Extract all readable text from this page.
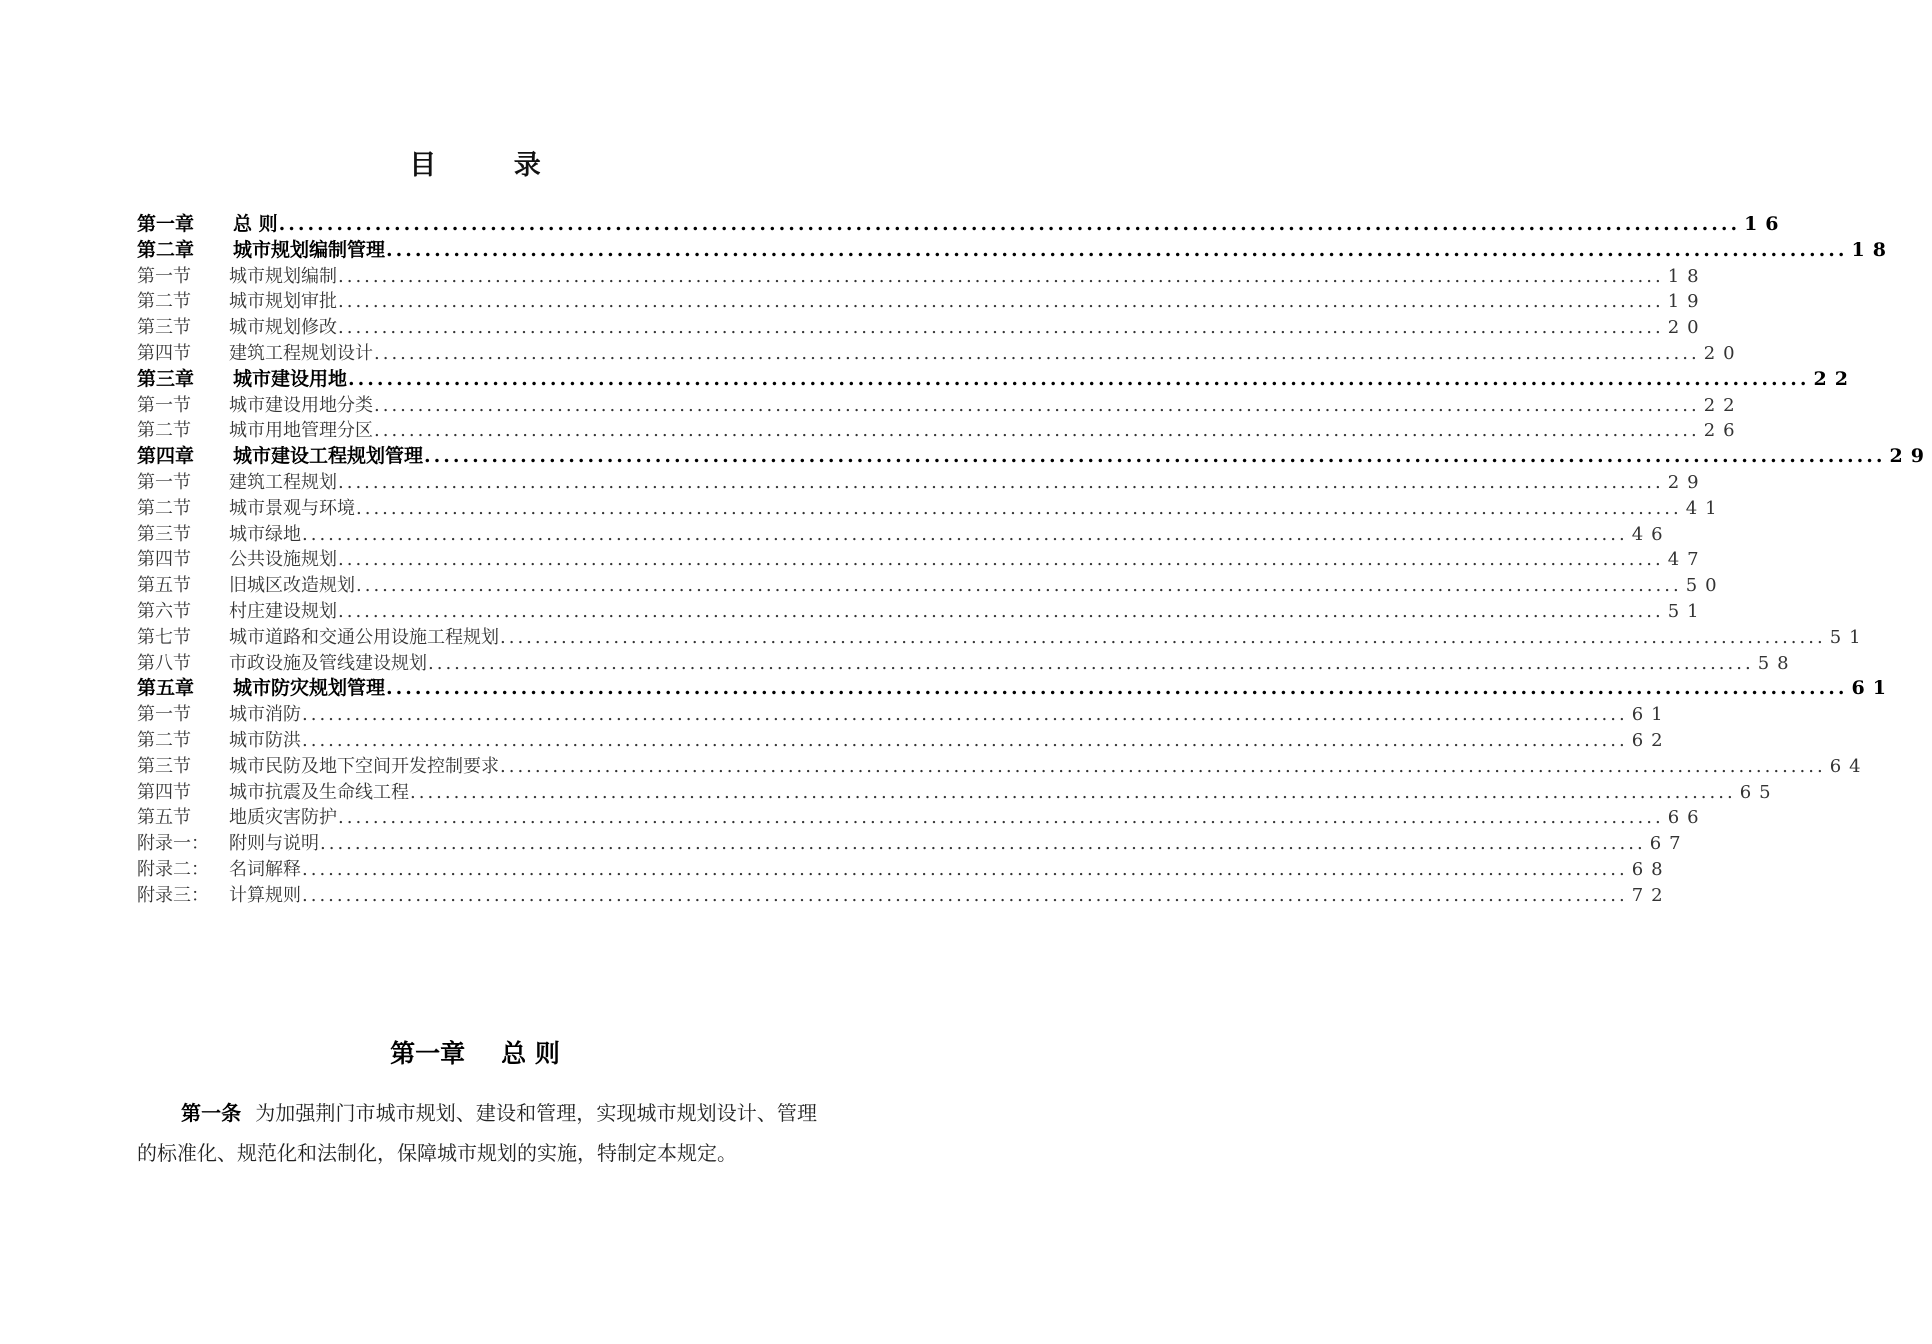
目 录
第一章	总 则 .....	16
第二章	城市规划编制管理 .....	18
第一节	城市规划编制 .....	18
第二节	城市规划审批 .....	19
第三节	城市规划修改 .....	20
第四节	建筑工程规划设计 .....	20
第三章	城市建设用地 .....	22
第一节	城市建设用地分类 .....	22
第二节	城市用地管理分区 .....	26
第四章	城市建设工程规划管理 .....	29
第一节	建筑工程规划 .....	29
第二节	城市景观与环境 .....	41
第三节	城市绿地 .....	46
第四节	公共设施规划 .....	47
第五节	旧城区改造规划 .....	50
第六节	村庄建设规划 .....	51
第七节	城市道路和交通公用设施工程规划 .....	51
第八节	市政设施及管线建设规划 .....	58
第五章	城市防灾规划管理 .....	61
第一节	城市消防 .....	61
第二节	城市防洪 .....	62
第三节	城市民防及地下空间开发控制要求 .....	64
第四节	城市抗震及生命线工程 .....	65
第五节	地质灾害防护 .....	66
附录一：	附则与说明 .....	67
附录二：	名词解释 .....	68
附录三：	计算规则 .....	72
第一章 总 则
第一条 为加强荆门市城市规划、建设和管理，实现城市规划设计、管理的标准化、规范化和法制化，保障城市规划的实施，特制定本规定。
